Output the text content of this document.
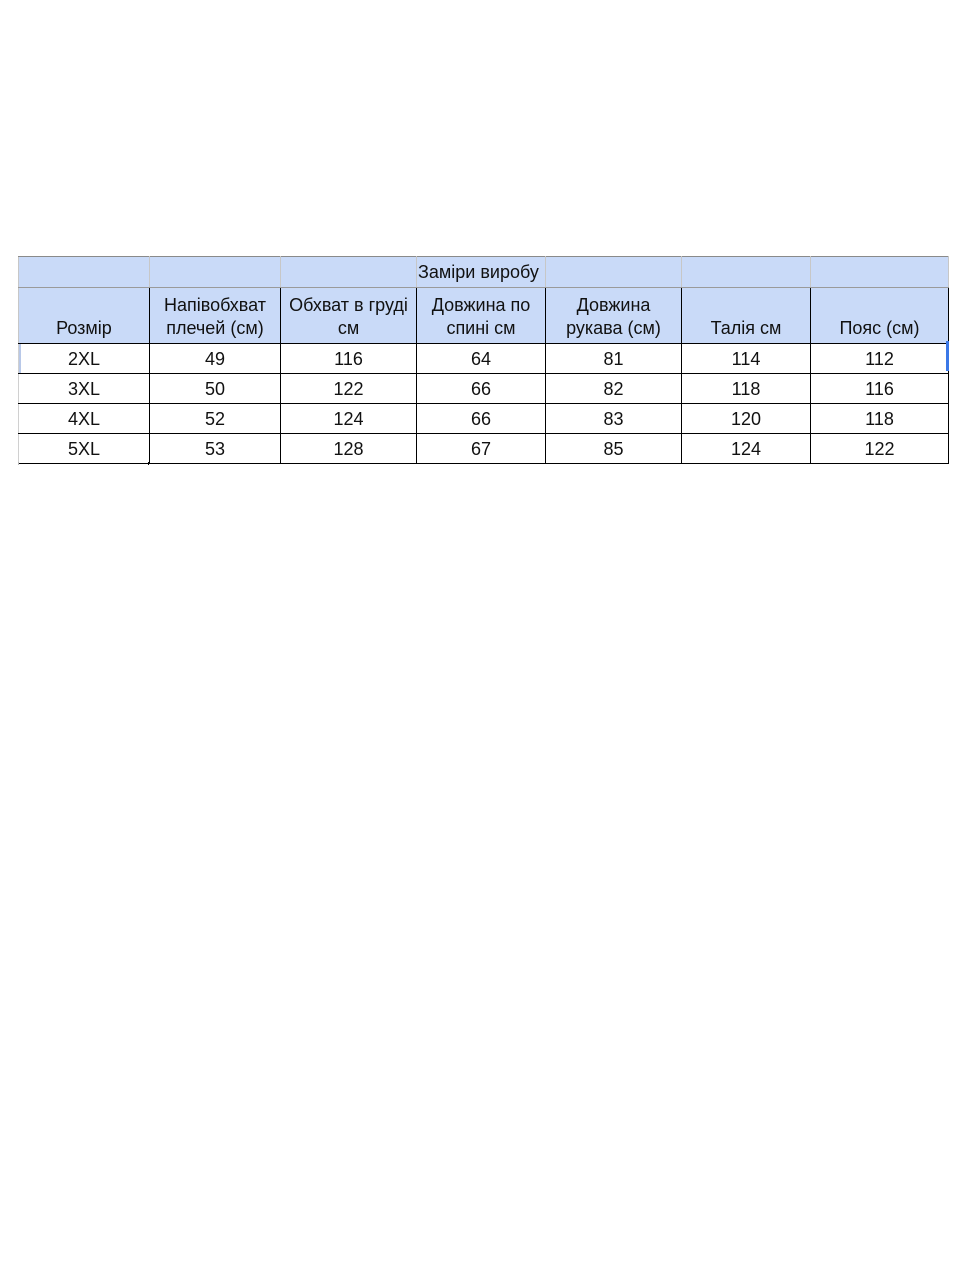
			Заміри виробу			
Розмір	Напівобхват плечей (см)	Обхват в груді см	Довжина по спині см	Довжина рукава (см)	Талія см	Пояс (см)
2XL	49	116	64	81	114	112
3XL	50	122	66	82	118	116
4XL	52	124	66	83	120	118
5XL	53	128	67	85	124	122
